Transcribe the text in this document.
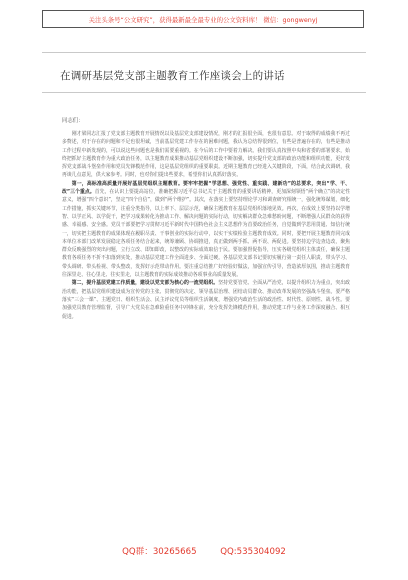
关注头条号“公文研究”，获得最新最全最专业的公文资料库！ 微信：gongwenyj
在调研基层党支部主题教育工作座谈会上的讲话

同志们：

刚才梁同志汇报了党支部主题教育开展情况以及基层党支部建设情况，刚才的汇报很全面，也很有意思。对于取得的成绩我不再过多赘述，对于存在的问题和不足也很坦诚，当前基层党建工作存在的困难问题，我认为总结得很到位，有些是普遍存在的，有些是推动工作过程中新发现的，可以说这些问题也是我们需要重视的。在今后的工作中要着力解决。我们要认真按照中央和省委的部署要求，始终把抓好主题教育作为重大政治任务，以主题教育成果推动基层党组织建设不断加强，切实提升党支部的政治功能和组织功能，更好发挥党支部战斗堡垒作用和党员先锋模范作用，这是基层党组织的重要职责。近期主题教育已经进入关键阶段，下面，结合此次调研，我再谈几点意见，供大家参考。同时，也对你们提出些要求，希望你们认真抓好落实。

第一，高标准高质量开展好基层党组织主题教育。要牢牢把握“学思想、强党性、重实践、建新功”的总要求，突出“学、干、改”三个重点。首先，在认识上要提高站位，准确把握习近平总书记关于主题教育的重要讲话精神，更加深刻领悟“两个确立”的决定性意义，增强“四个意识”，坚定“四个自信”，做到“两个维护”。其次，在落实上要坚持理论学习和调查研究相统一，强化统筹谋划，细化工作措施，抓实关键环节，注重分类指导，以上率下、层层示范，确保主题教育在基层党组织落地见效。再次，在成效上要坚持以学增智、以学正风、以学促干，把学习成果转化为推动工作、解决问题的实际行动，切实解决群众急难愁盼问题，不断增强人民群众的获得感、幸福感、安全感。党员干部要把学习贯彻习近平新时代中国特色社会主义思想作为首要政治任务，自觉做到学思用贯通、知信行统一，切实把主题教育的成果体现在履职尽责、干事创业的实际行动中，以实干实绩检验主题教育成效。同时，要把开展主题教育同完成本单位本部门改革发展稳定各项任务结合起来，统筹兼顾、协调推进，真正做到两手抓、两不误、两促进。要坚持边学边查边改，聚焦群众反映强烈的突出问题，立行立改、即知即改，以整改的实际成效取信于民。要加强督促指导，压实各级党组织主体责任，确保主题教育各项任务不折不扣落到实处，推动基层党建工作全面进步、全面过硬。各基层党支部书记要切实履行第一责任人职责，带头学习、带头调研、带头检视、带头整改，发挥好示范带动作用。要注重总结推广好经验好做法，加强宣传引导，营造浓厚氛围，推动主题教育往深里走、往心里走、往实里走，以主题教育的实际成效推动各项事业高质量发展。

第二，提升基层党建工作质量，建设以党支部为核心的一流党组织。坚持党要管党、全面从严治党，以提升组织力为重点，突出政治功能，把基层党组织建设成为宣传党的主张、贯彻党的决定、领导基层治理、团结动员群众、推动改革发展的坚强战斗堡垒。要严格落实“三会一课”、主题党日、组织生活会、民主评议党员等组织生活制度，增强党内政治生活的政治性、时代性、原则性、战斗性。要加强党员教育管理监督，引导广大党员在急难险重任务中冲锋在前，充分发挥先锋模范作用，推动党建工作与业务工作深度融合、相互促进。

QQ群：30265665	QQ:535304092
